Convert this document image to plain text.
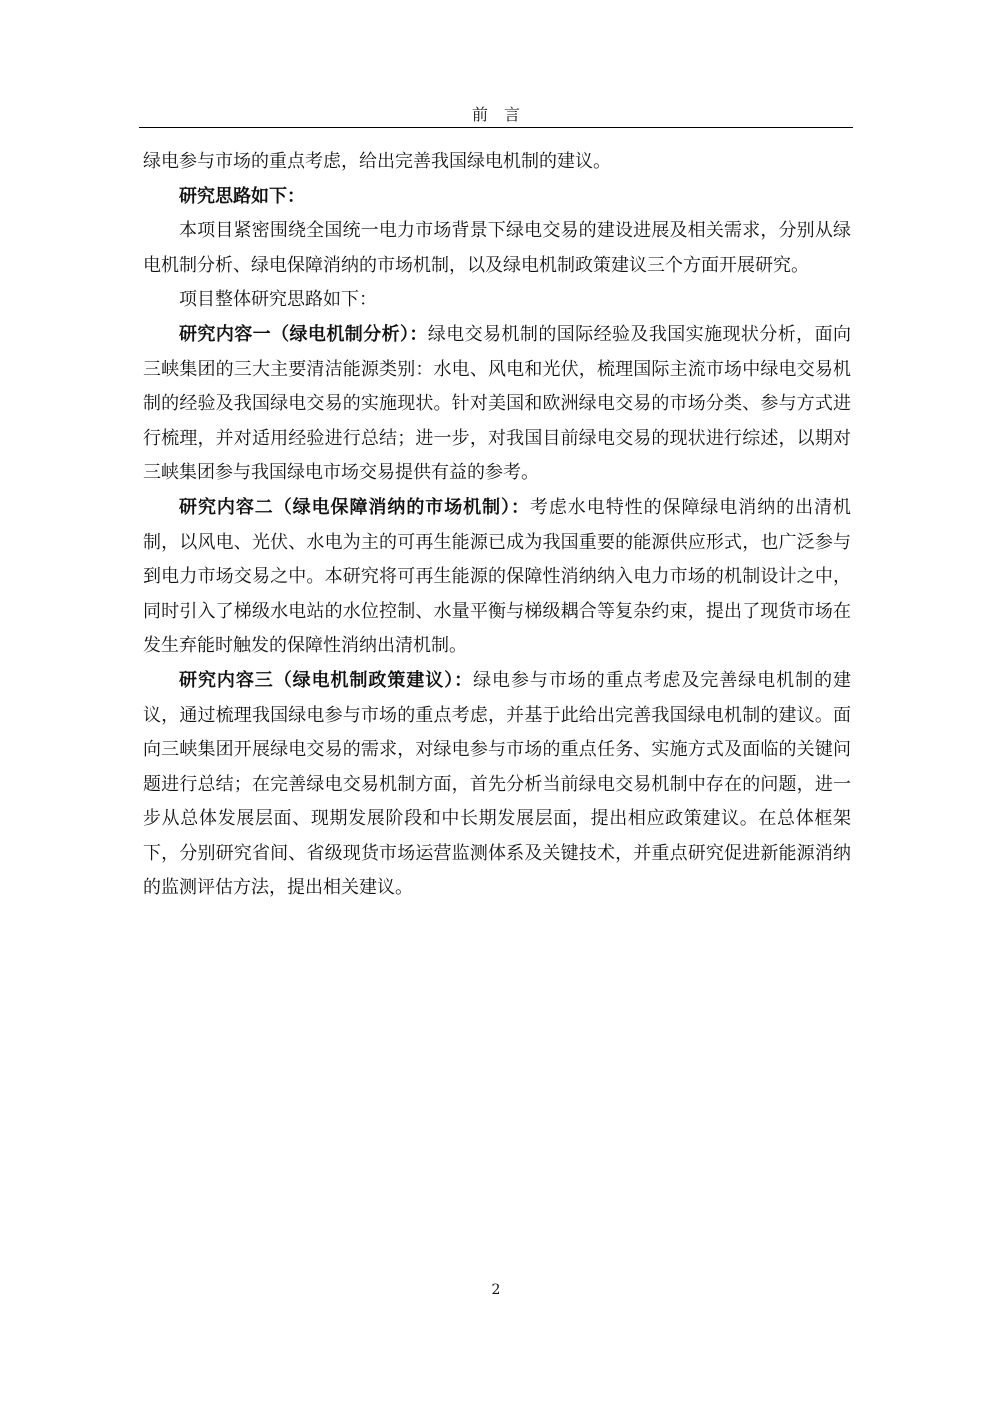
前　言

绿电参与市场的重点考虑，给出完善我国绿电机制的建议。

研究思路如下：

本项目紧密围绕全国统一电力市场背景下绿电交易的建设进展及相关需求，分别从绿电机制分析、绿电保障消纳的市场机制，以及绿电机制政策建议三个方面开展研究。

项目整体研究思路如下：

研究内容一（绿电机制分析）：绿电交易机制的国际经验及我国实施现状分析，面向三峡集团的三大主要清洁能源类别：水电、风电和光伏，梳理国际主流市场中绿电交易机制的经验及我国绿电交易的实施现状。针对美国和欧洲绿电交易的市场分类、参与方式进行梳理，并对适用经验进行总结；进一步，对我国目前绿电交易的现状进行综述，以期对三峡集团参与我国绿电市场交易提供有益的参考。

研究内容二（绿电保障消纳的市场机制）：考虑水电特性的保障绿电消纳的出清机制，以风电、光伏、水电为主的可再生能源已成为我国重要的能源供应形式，也广泛参与到电力市场交易之中。本研究将可再生能源的保障性消纳纳入电力市场的机制设计之中，同时引入了梯级水电站的水位控制、水量平衡与梯级耦合等复杂约束，提出了现货市场在发生弃能时触发的保障性消纳出清机制。

研究内容三（绿电机制政策建议）：绿电参与市场的重点考虑及完善绿电机制的建议，通过梳理我国绿电参与市场的重点考虑，并基于此给出完善我国绿电机制的建议。面向三峡集团开展绿电交易的需求，对绿电参与市场的重点任务、实施方式及面临的关键问题进行总结；在完善绿电交易机制方面，首先分析当前绿电交易机制中存在的问题，进一步从总体发展层面、现期发展阶段和中长期发展层面，提出相应政策建议。在总体框架下，分别研究省间、省级现货市场运营监测体系及关键技术，并重点研究促进新能源消纳的监测评估方法，提出相关建议。

2
